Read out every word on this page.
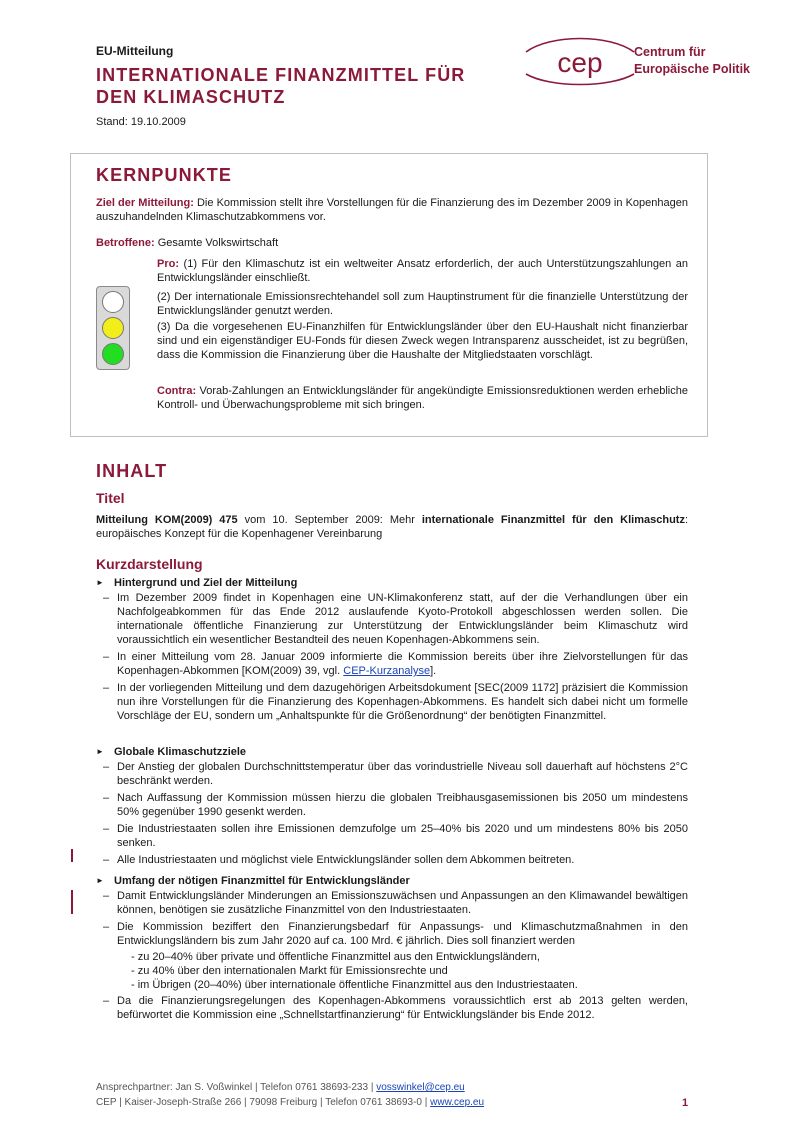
EU-Mitteilung
INTERNATIONALE FINANZMITTEL FÜR
DEN KLIMASCHUTZ
Stand: 19.10.2009
cep	Centrum für
Europäische Politik
KERNPUNKTE
Ziel der Mitteilung: Die Kommission stellt ihre Vorstellungen für die Finanzierung des im Dezember 2009 in Kopenhagen auszuhandelnden Klimaschutzabkommens vor.
Betroffene: Gesamte Volkswirtschaft
Pro: (1) Für den Klimaschutz ist ein weltweiter Ansatz erforderlich, der auch Unterstützungszahlungen an Entwicklungsländer einschließt.
(2) Der internationale Emissionsrechtehandel soll zum Hauptinstrument für die finanzielle Unterstützung der Entwicklungsländer genutzt werden.
(3) Da die vorgesehenen EU-Finanzhilfen für Entwicklungsländer über den EU-Haushalt nicht finanzierbar sind und ein eigenständiger EU-Fonds für diesen Zweck wegen Intransparenz ausscheidet, ist zu begrüßen, dass die Kommission die Finanzierung über die Haushalte der Mitgliedstaaten vorschlägt.
Contra: Vorab-Zahlungen an Entwicklungsländer für angekündigte Emissionsreduktionen werden erhebliche Kontroll- und Überwachungsprobleme mit sich bringen.
INHALT
Titel
Mitteilung KOM(2009) 475 vom 10. September 2009: Mehr internationale Finanzmittel für den Klimaschutz: europäisches Konzept für die Kopenhagener Vereinbarung
Kurzdarstellung
► Hintergrund und Ziel der Mitteilung
– Im Dezember 2009 findet in Kopenhagen eine UN-Klimakonferenz statt, auf der die Verhandlungen über ein Nachfolgeabkommen für das Ende 2012 auslaufende Kyoto-Protokoll abgeschlossen werden sollen. Die internationale öffentliche Finanzierung zur Unterstützung der Entwicklungsländer beim Klimaschutz wird voraussichtlich ein wesentlicher Bestandteil des neuen Kopenhagen-Abkommens sein.
– In einer Mitteilung vom 28. Januar 2009 informierte die Kommission bereits über ihre Zielvorstellungen für das Kopenhagen-Abkommen [KOM(2009) 39, vgl. CEP-Kurzanalyse].
– In der vorliegenden Mitteilung und dem dazugehörigen Arbeitsdokument [SEC(2009 1172] präzisiert die Kommission nun ihre Vorstellungen für die Finanzierung des Kopenhagen-Abkommens. Es handelt sich dabei nicht um formelle Vorschläge der EU, sondern um „Anhaltspunkte für die Größenordnung“ der benötigten Finanzmittel.
► Globale Klimaschutzziele
– Der Anstieg der globalen Durchschnittstemperatur über das vorindustrielle Niveau soll dauerhaft auf höchstens 2°C beschränkt werden.
– Nach Auffassung der Kommission müssen hierzu die globalen Treibhausgasemissionen bis 2050 um mindestens 50% gegenüber 1990 gesenkt werden.
– Die Industriestaaten sollen ihre Emissionen demzufolge um 25–40% bis 2020 und um mindestens 80% bis 2050 senken.
– Alle Industriestaaten und möglichst viele Entwicklungsländer sollen dem Abkommen beitreten.
► Umfang der nötigen Finanzmittel für Entwicklungsländer
– Damit Entwicklungsländer Minderungen an Emissionszuwächsen und Anpassungen an den Klimawandel bewältigen können, benötigen sie zusätzliche Finanzmittel von den Industriestaaten.
– Die Kommission beziffert den Finanzierungsbedarf für Anpassungs- und Klimaschutzmaßnahmen in den Entwicklungsländern bis zum Jahr 2020 auf ca. 100 Mrd. € jährlich. Dies soll finanziert werden
- zu 20–40% über private und öffentliche Finanzmittel aus den Entwicklungsländern,
- zu 40% über den internationalen Markt für Emissionsrechte und
- im Übrigen (20–40%) über internationale öffentliche Finanzmittel aus den Industriestaaten.
– Da die Finanzierungsregelungen des Kopenhagen-Abkommens voraussichtlich erst ab 2013 gelten werden, befürwortet die Kommission eine „Schnellstartfinanzierung“ für Entwicklungsländer bis Ende 2012.
Ansprechpartner: Jan S. Voßwinkel | Telefon 0761 38693-233 | vosswinkel@cep.eu
CEP | Kaiser-Joseph-Straße 266 | 79098 Freiburg | Telefon 0761 38693-0 | www.cep.eu	1
